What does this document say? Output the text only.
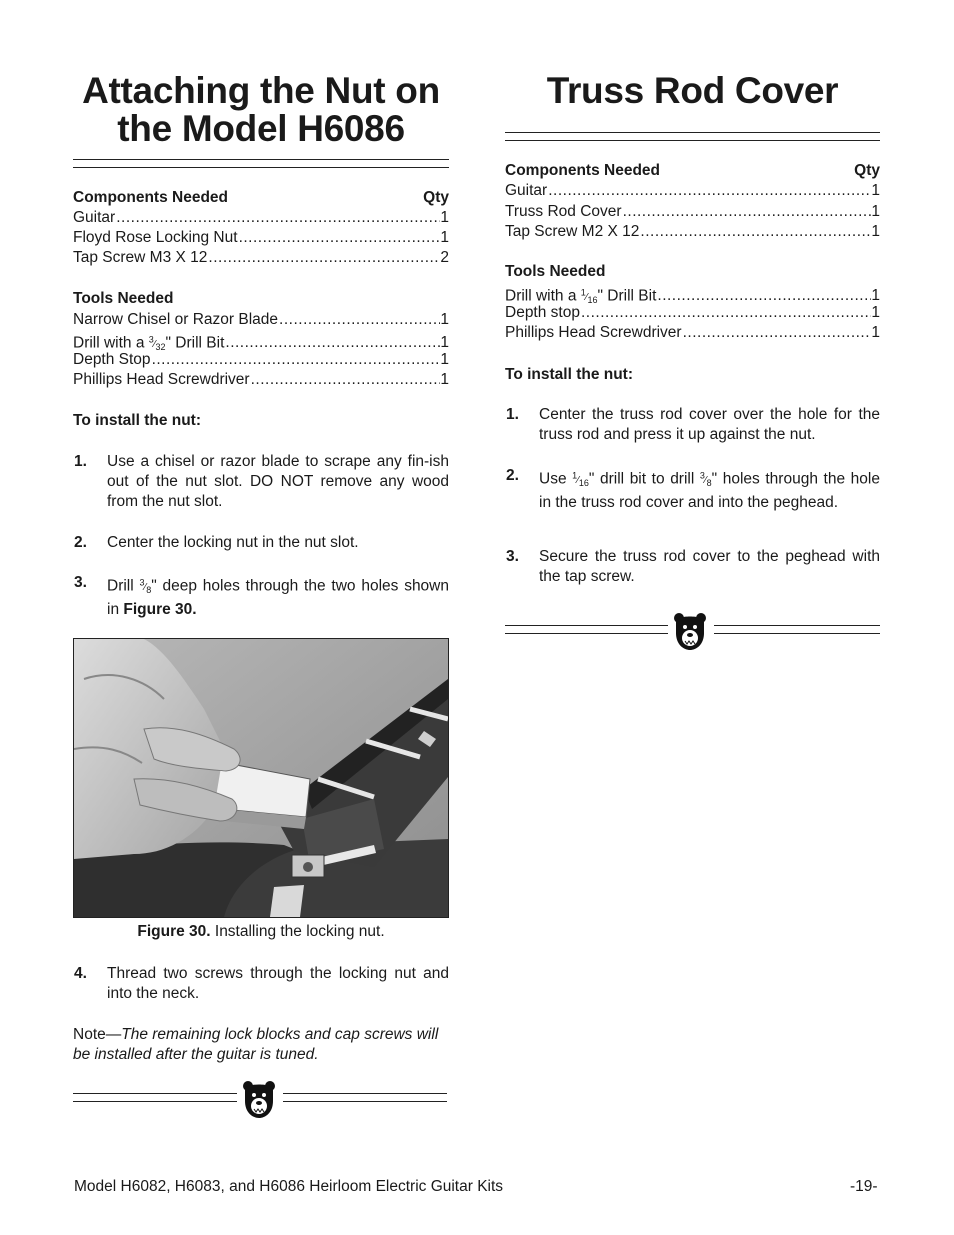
Attaching the Nut on
the Model H6086
Components Needed	Qty
Guitar .....	1
Floyd Rose Locking Nut .....	1
Tap Screw M3 X 12 .....	2
Tools Needed
Narrow Chisel or Razor Blade .....	1
Drill with a $^3⁄_{32}$" Drill Bit .....	1
Depth Stop .....	1
Phillips Head Screwdriver .....	1
To install the nut:
1. Use a chisel or razor blade to scrape any fin-ish out of the nut slot. DO NOT remove any wood from the nut slot.
2. Center the locking nut in the nut slot.
3. Drill $^3⁄_8$" deep holes through the two holes shown in Figure 30.
Figure 30. Installing the locking nut.
4. Thread two screws through the locking nut and into the neck.
Note—The remaining lock blocks and cap screws will be installed after the guitar is tuned.
Truss Rod Cover
Components Needed	Qty
Guitar .....	1
Truss Rod Cover .....	1
Tap Screw M2 X 12 .....	1
Tools Needed
Drill with a $^1⁄_{16}$" Drill Bit .....	1
Depth stop .....	1
Phillips Head Screwdriver .....	1
To install the nut:
1. Center the truss rod cover over the hole for the truss rod and press it up against the nut.
2. Use $^1⁄_{16}$" drill bit to drill $^3⁄_8$" holes through the hole in the truss rod cover and into the peghead.
3. Secure the truss rod cover to the peghead with the tap screw.
Model H6082, H6083, and H6086 Heirloom Electric Guitar Kits	-19-
